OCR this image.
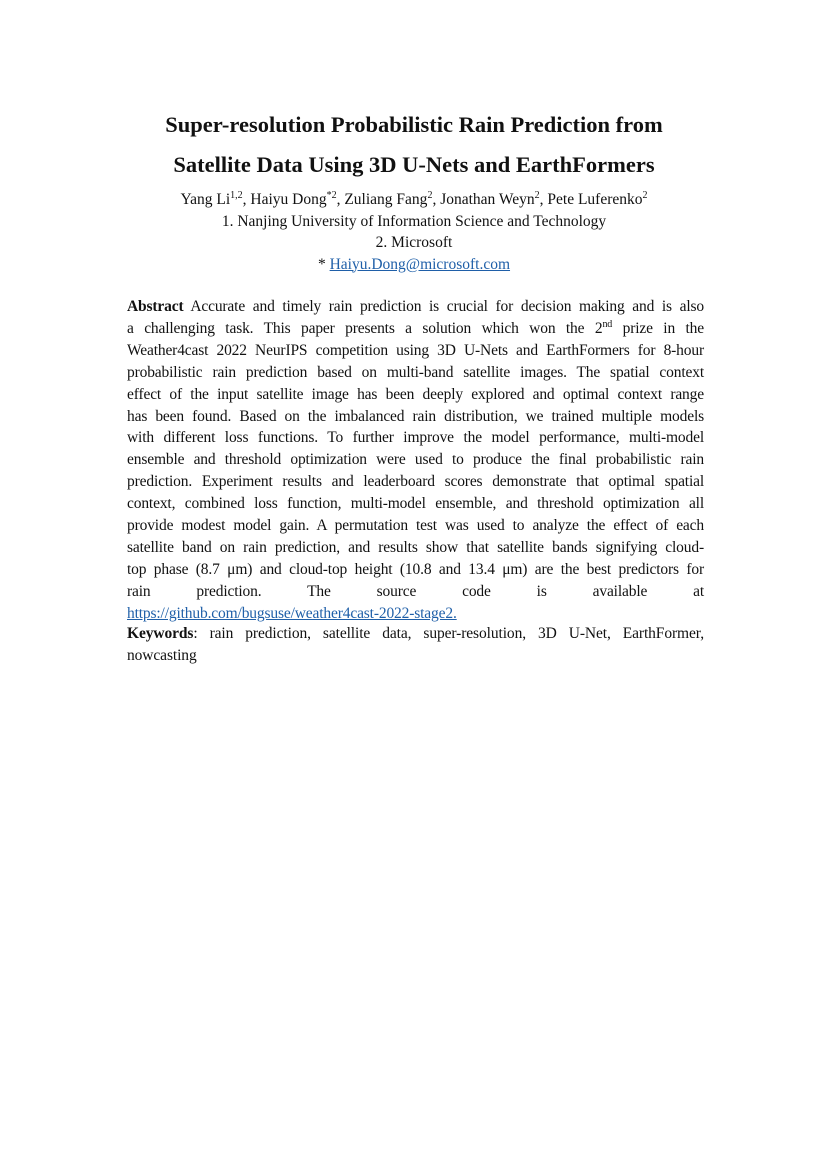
Super-resolution Probabilistic Rain Prediction from
Satellite Data Using 3D U-Nets and EarthFormers
Yang Li$^{1,2}$, Haiyu Dong$^{*2}$, Zuliang Fang$^2$, Jonathan Weyn$^2$, Pete Luferenko$^2$
1. Nanjing University of Information Science and Technology
2. Microsoft
* Haiyu.Dong@microsoft.com
Abstract Accurate and timely rain prediction is crucial for decision making and is also
a challenging task. This paper presents a solution which won the 2nd prize in the
Weather4cast 2022 NeurIPS competition using 3D U-Nets and EarthFormers for 8-hour
probabilistic rain prediction based on multi-band satellite images. The spatial context
effect of the input satellite image has been deeply explored and optimal context range
has been found. Based on the imbalanced rain distribution, we trained multiple models
with different loss functions. To further improve the model performance, multi-model
ensemble and threshold optimization were used to produce the final probabilistic rain
prediction. Experiment results and leaderboard scores demonstrate that optimal spatial
context, combined loss function, multi-model ensemble, and threshold optimization all
provide modest model gain. A permutation test was used to analyze the effect of each
satellite band on rain prediction, and results show that satellite bands signifying cloud-
top phase (8.7 μm) and cloud-top height (10.8 and 13.4 μm) are the best predictors for
rain prediction. The source code is available at
https://github.com/bugsuse/weather4cast-2022-stage2.
Keywords: rain prediction, satellite data, super-resolution, 3D U-Net, EarthFormer,
nowcasting
